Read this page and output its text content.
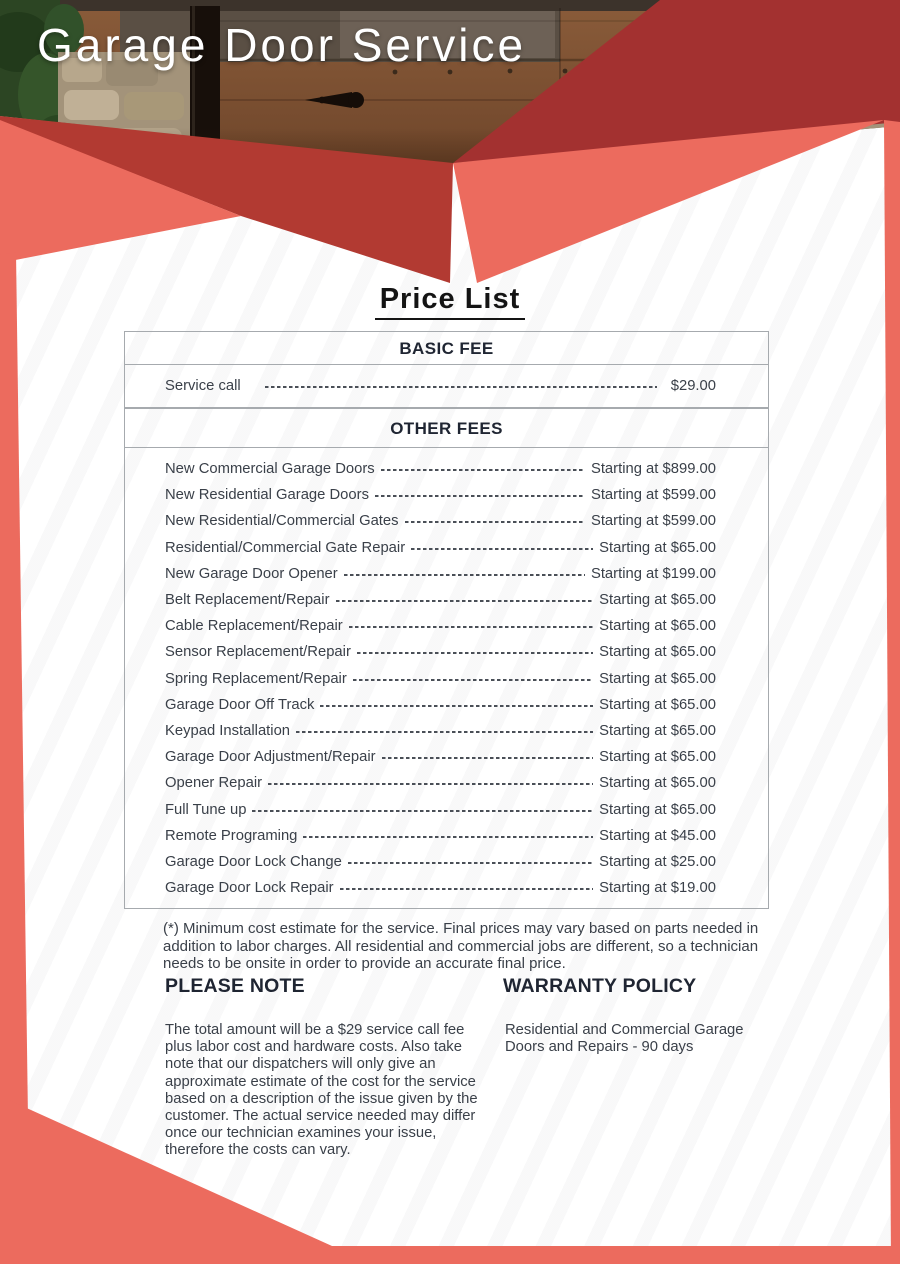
Garage Door Service
Price List
BASIC FEE
Service call	$29.00
OTHER FEES
New Commercial Garage Doors	Starting at $899.00
New Residential Garage Doors	Starting at $599.00
New Residential/Commercial Gates	Starting at $599.00
Residential/Commercial Gate Repair	Starting at $65.00
New Garage Door Opener	Starting at $199.00
Belt Replacement/Repair	Starting at $65.00
Cable Replacement/Repair	Starting at $65.00
Sensor Replacement/Repair	Starting at $65.00
Spring Replacement/Repair	Starting at $65.00
Garage Door Off Track	Starting at $65.00
Keypad Installation	Starting at $65.00
Garage Door Adjustment/Repair	Starting at $65.00
Opener Repair	Starting at $65.00
Full Tune up	Starting at $65.00
Remote Programing	Starting at $45.00
Garage Door Lock Change	Starting at $25.00
Garage Door Lock Repair	Starting at $19.00

(*) Minimum cost estimate for the service. Final prices may vary based on parts needed in addition to labor charges. All residential and commercial jobs are different, so a technician needs to be onsite in order to provide an accurate final price.

PLEASE NOTE

The total amount will be a $29 service call fee plus labor cost and hardware costs. Also take note that our dispatchers will only give an approximate estimate of the cost for the service based on a description of the issue given by the customer. The actual service needed may differ once our technician examines your issue, therefore the costs can vary.

WARRANTY POLICY

Residential and Commercial Garage Doors and Repairs - 90 days
